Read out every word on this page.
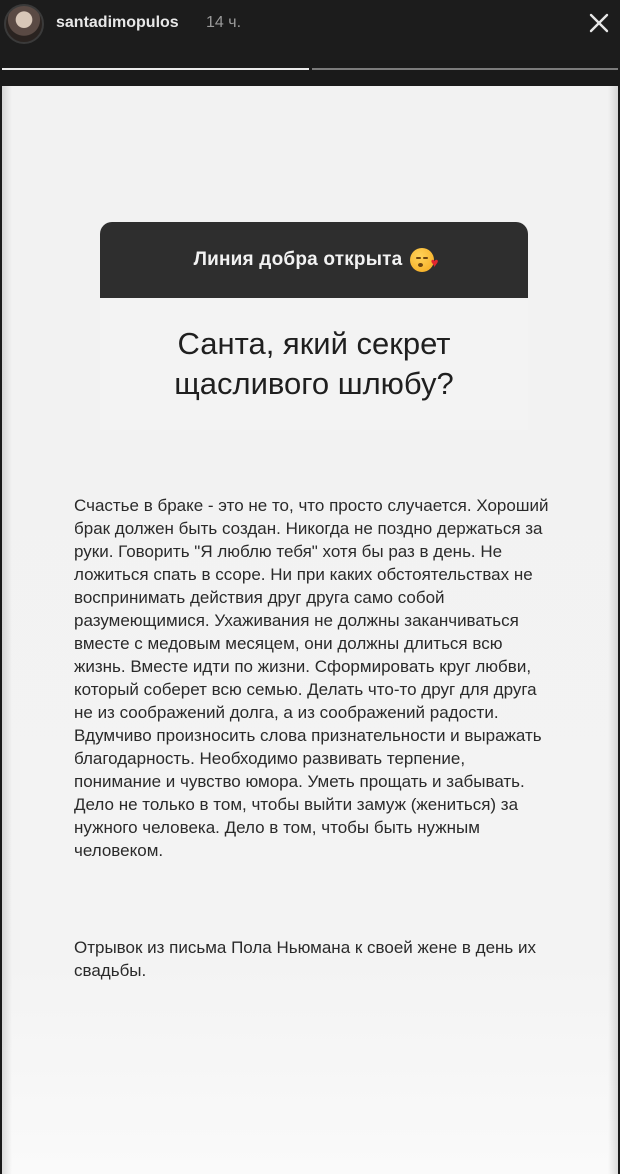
santadimopulos 14 ч.
Линия добра открыта ♥
Санта, який секрет щасливого шлюбу?
Счастье в браке - это не то, что просто случается. Хороший брак должен быть создан. Никогда не поздно держаться за руки. Говорить "Я люблю тебя" хотя бы раз в день. Не ложиться спать в ссоре. Ни при каких обстоятельствах не воспринимать действия друг друга само собой разумеющимися. Ухаживания не должны заканчиваться вместе с медовым месяцем, они должны длиться всю жизнь. Вместе идти по жизни. Сформировать круг любви, который соберет всю семью. Делать что-то друг для друга не из соображений долга, а из соображений радости. Вдумчиво произносить слова признательности и выражать благодарность. Необходимо развивать терпение, понимание и чувство юмора. Уметь прощать и забывать. Дело не только в том, чтобы выйти замуж (жениться) за нужного человека. Дело в том, чтобы быть нужным человеком.
Отрывок из письма Пола Ньюмана к своей жене в день их свадьбы.
